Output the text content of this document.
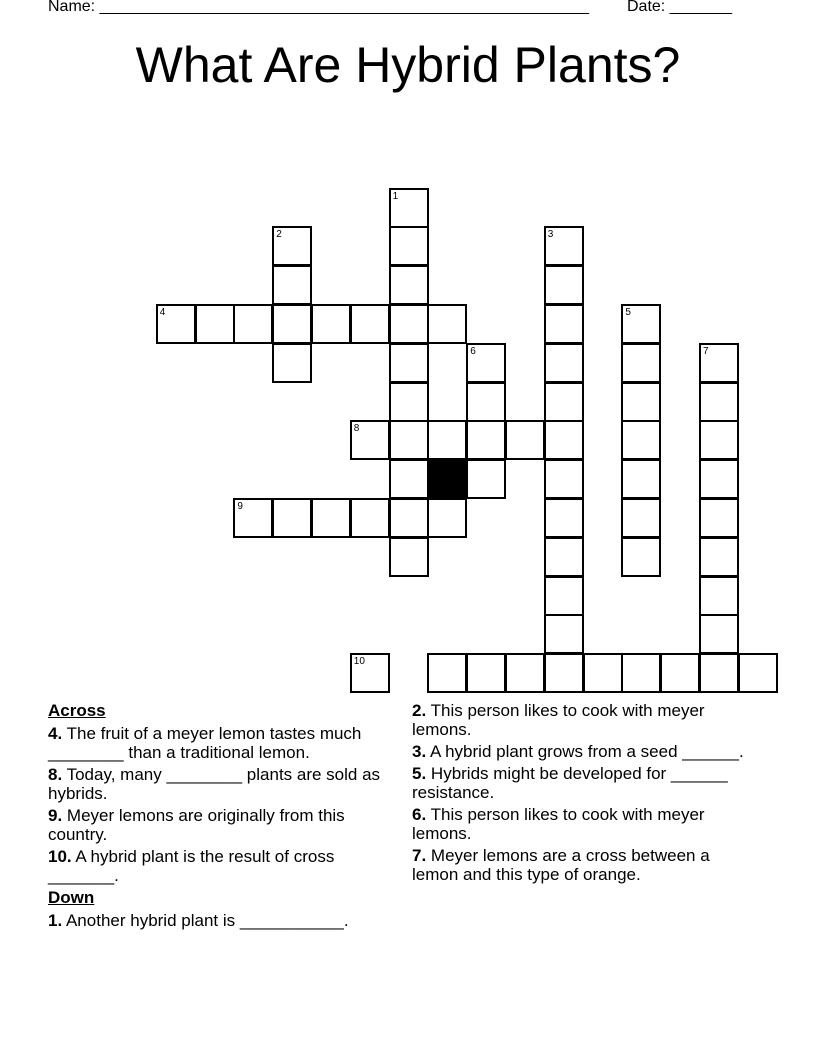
Name: _______________________________________________________ Date: _______
What Are Hybrid Plants?
1
2	3
4	5
6	7
8
9
10
Across
4. The fruit of a meyer lemon tastes much ________ than a traditional lemon.
8. Today, many ________ plants are sold as hybrids.
9. Meyer lemons are originally from this country.
10. A hybrid plant is the result of cross _______.
Down
1. Another hybrid plant is ___________.
2. This person likes to cook with meyer lemons.
3. A hybrid plant grows from a seed ______.
5. Hybrids might be developed for ______ resistance.
6. This person likes to cook with meyer lemons.
7. Meyer lemons are a cross between a lemon and this type of orange.
